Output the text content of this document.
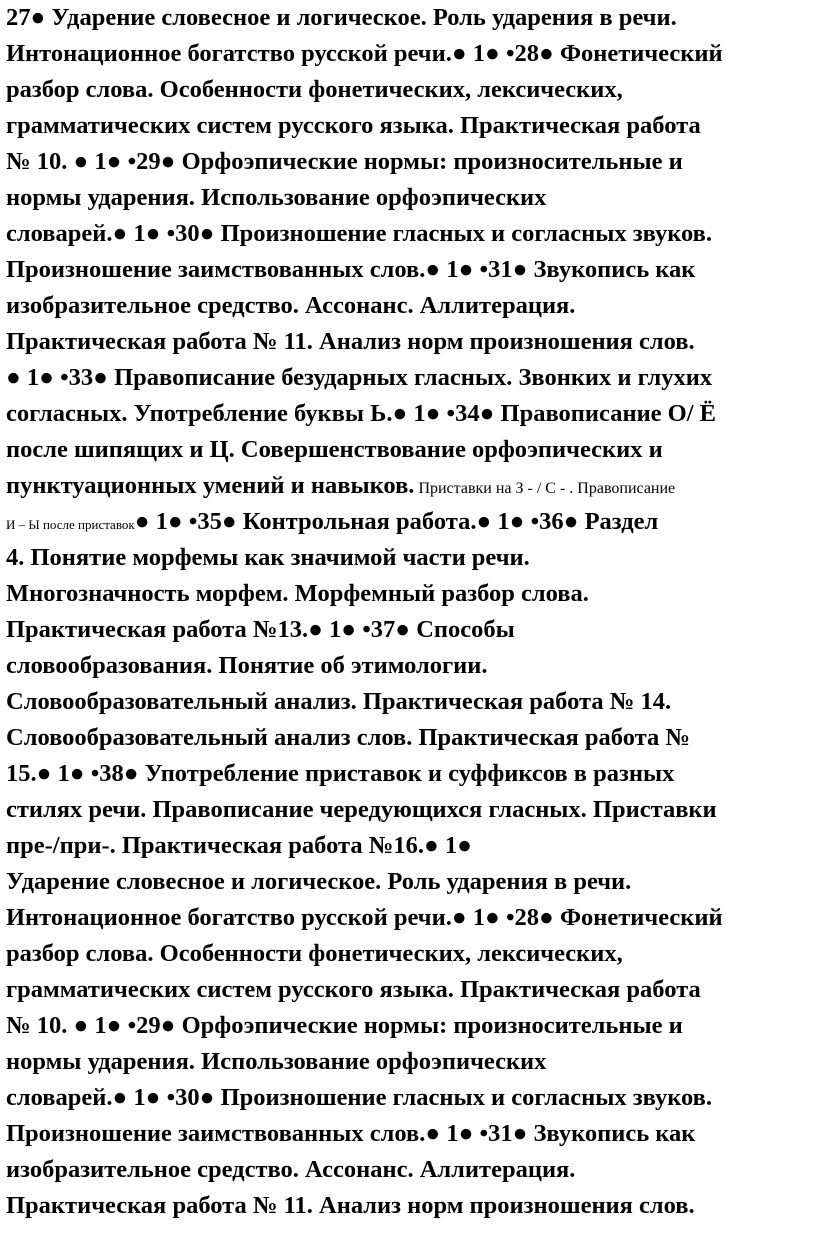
27● Ударение словесное и логическое. Роль ударения в речи.
Интонационное богатство русской речи.● 1● •28● Фонетический
разбор слова. Особенности фонетических, лексических,
грамматических систем русского языка. Практическая работа
№ 10. ● 1● •29● Орфоэпические нормы: произносительные и
нормы ударения. Использование орфоэпических
словарей.● 1● •30● Произношение гласных и согласных звуков.
Произношение заимствованных слов.● 1● •31● Звукопись как
изобразительное средство. Ассонанс. Аллитерация.
Практическая работа № 11. Анализ норм произношения слов.
● 1● •33● Правописание безударных гласных. Звонких и глухих
согласных. Употребление буквы Ь.● 1● •34● Правописание О/ Ё
после шипящих и Ц. Совершенствование орфоэпических и
пунктуационных умений и навыков. Приставки на З - / С - . Правописание
И – Ы после приставок● 1● •35● Контрольная работа.● 1● •36● Раздел
4. Понятие морфемы как значимой части речи.
Многозначность морфем. Морфемный разбор слова.
Практическая работа №13.● 1● •37● Способы
словообразования. Понятие об этимологии.
Словообразовательный анализ. Практическая работа № 14.
Словообразовательный анализ слов. Практическая работа №
15.● 1● •38● Употребление приставок и суффиксов в разных
стилях речи. Правописание чередующихся гласных. Приставки
пре-/при-. Практическая работа №16.● 1●
Ударение словесное и логическое. Роль ударения в речи.
Интонационное богатство русской речи.● 1● •28● Фонетический
разбор слова. Особенности фонетических, лексических,
грамматических систем русского языка. Практическая работа
№ 10. ● 1● •29● Орфоэпические нормы: произносительные и
нормы ударения. Использование орфоэпических
словарей.● 1● •30● Произношение гласных и согласных звуков.
Произношение заимствованных слов.● 1● •31● Звукопись как
изобразительное средство. Ассонанс. Аллитерация.
Практическая работа № 11. Анализ норм произношения слов.
